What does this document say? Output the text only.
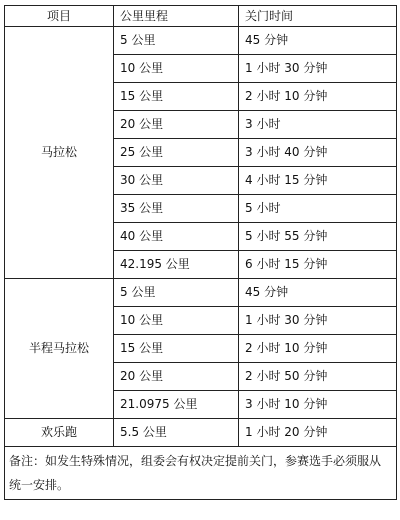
项目	公里里程	关门时间
马拉松	5 公里	45 分钟
	10 公里	1 小时 30 分钟
	15 公里	2 小时 10 分钟
	20 公里	3 小时
	25 公里	3 小时 40 分钟
	30 公里	4 小时 15 分钟
	35 公里	5 小时
	40 公里	5 小时 55 分钟
	42.195 公里	6 小时 15 分钟
半程马拉松	5 公里	45 分钟
	10 公里	1 小时 30 分钟
	15 公里	2 小时 10 分钟
	20 公里	2 小时 50 分钟
	21.0975 公里	3 小时 10 分钟
欢乐跑	5.5 公里	1 小时 20 分钟
备注：如发生特殊情况，组委会有权决定提前关门，参赛选手必须服从统一安排。		
